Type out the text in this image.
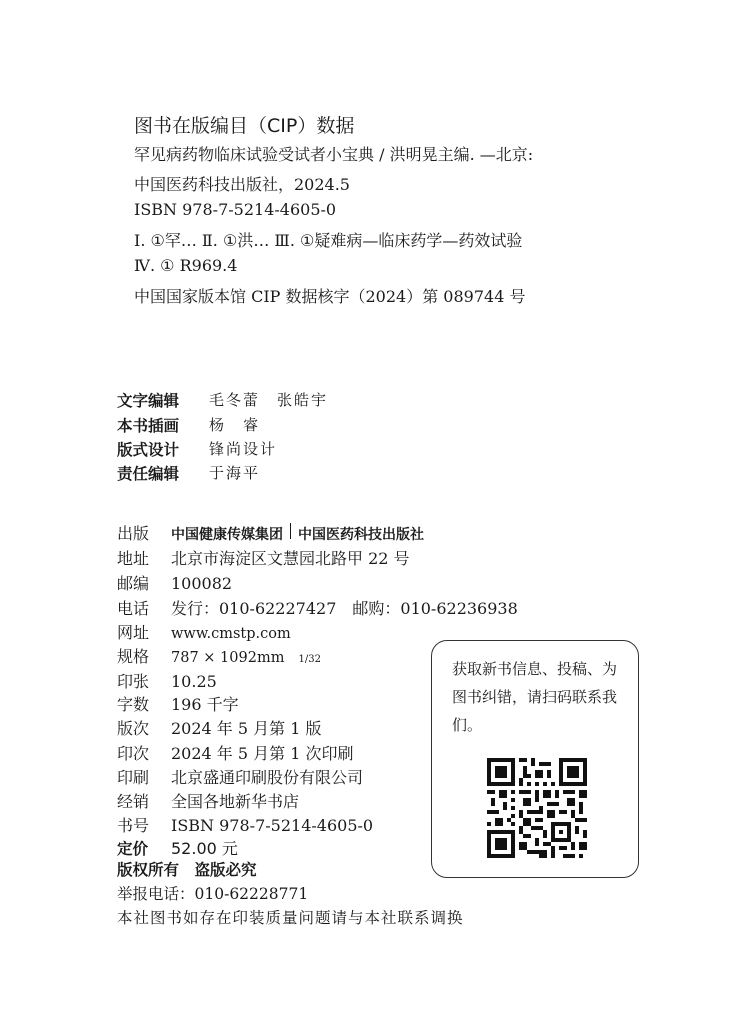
图书在版编目（CIP）数据
罕见病药物临床试验受试者小宝典 / 洪明晃主编. —北京:
中国医药科技出版社，2024.5
ISBN 978-7-5214-4605-0
Ⅰ. ①罕… Ⅱ. ①洪… Ⅲ. ①疑难病—临床药学—药效试验
Ⅳ. ① R969.4
中国国家版本馆 CIP 数据核字（2024）第 089744 号
文字编辑	毛冬蕾　张皓宇
本书插画	杨　睿
版式设计	锋尚设计
责任编辑	于海平
出版	中国健康传媒集团 中国医药科技出版社
地址	北京市海淀区文慧园北路甲 22 号
邮编	100082
电话	发行：010-62227427　邮购：010-62236938
网址	www.cmstp.com
规格	787 × 1092mm 1 / 32
印张	10.25
字数	196 千字
版次	2024 年 5 月第 1 版
印次	2024 年 5 月第 1 次印刷
印刷	北京盛通印刷股份有限公司
经销	全国各地新华书店
书号	ISBN 978-7-5214-4605-0
定价	52.00 元
版权所有　盗版必究
举报电话：010-62228771
本社图书如存在印装质量问题请与本社联系调换
获取新书信息、投稿、为图书纠错，请扫码联系我们。
